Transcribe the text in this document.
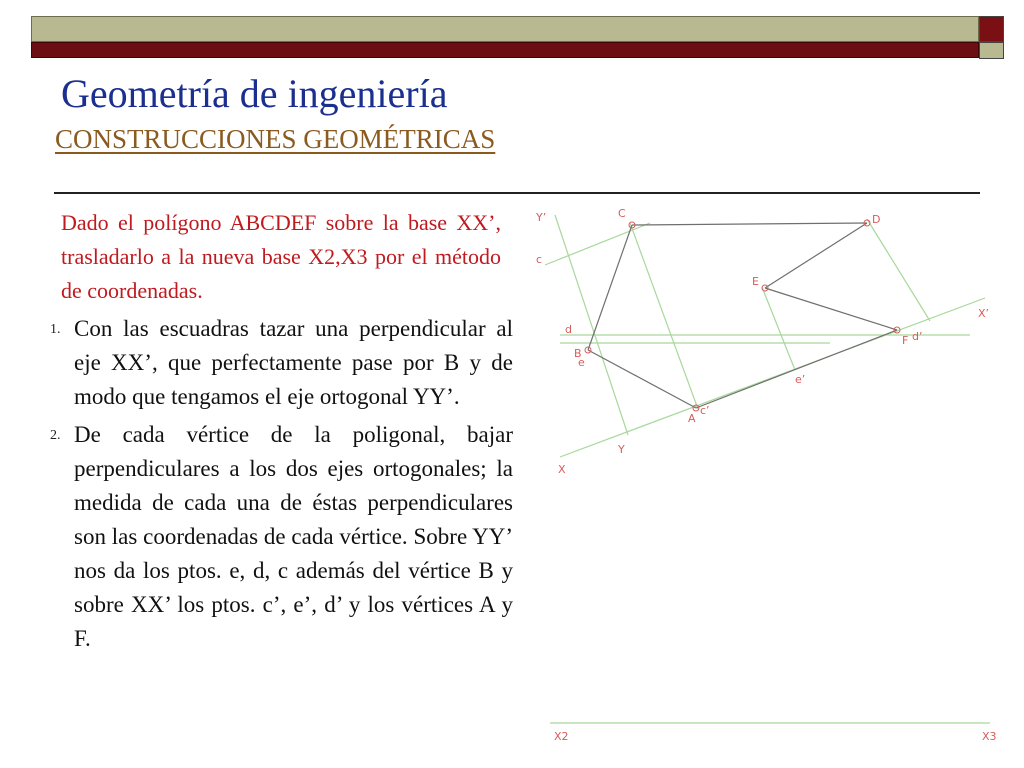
Geometría de ingeniería
CONSTRUCCIONES GEOMÉTRICAS
Dado el polígono ABCDEF sobre la base XX’, trasladarlo a la nueva base X2,X3 por el método de coordenadas.
1. Con las escuadras tazar una perpendicular al eje XX’, que perfectamente pase por B y de modo que tengamos el eje ortogonal YY’.
2. De cada vértice de la poligonal, bajar perpendiculares a los dos ejes ortogonales; la medida de cada una de éstas perpendiculares son las coordenadas de cada vértice. Sobre YY’ nos da los ptos. e, d, c además del vértice B y sobre XX’ los ptos. c’, e’, d’ y los vértices A y F.
Y’
c
d
B
e
C	D
E
F d’
A
c’
e’
X’
Y
X
X2	X3
